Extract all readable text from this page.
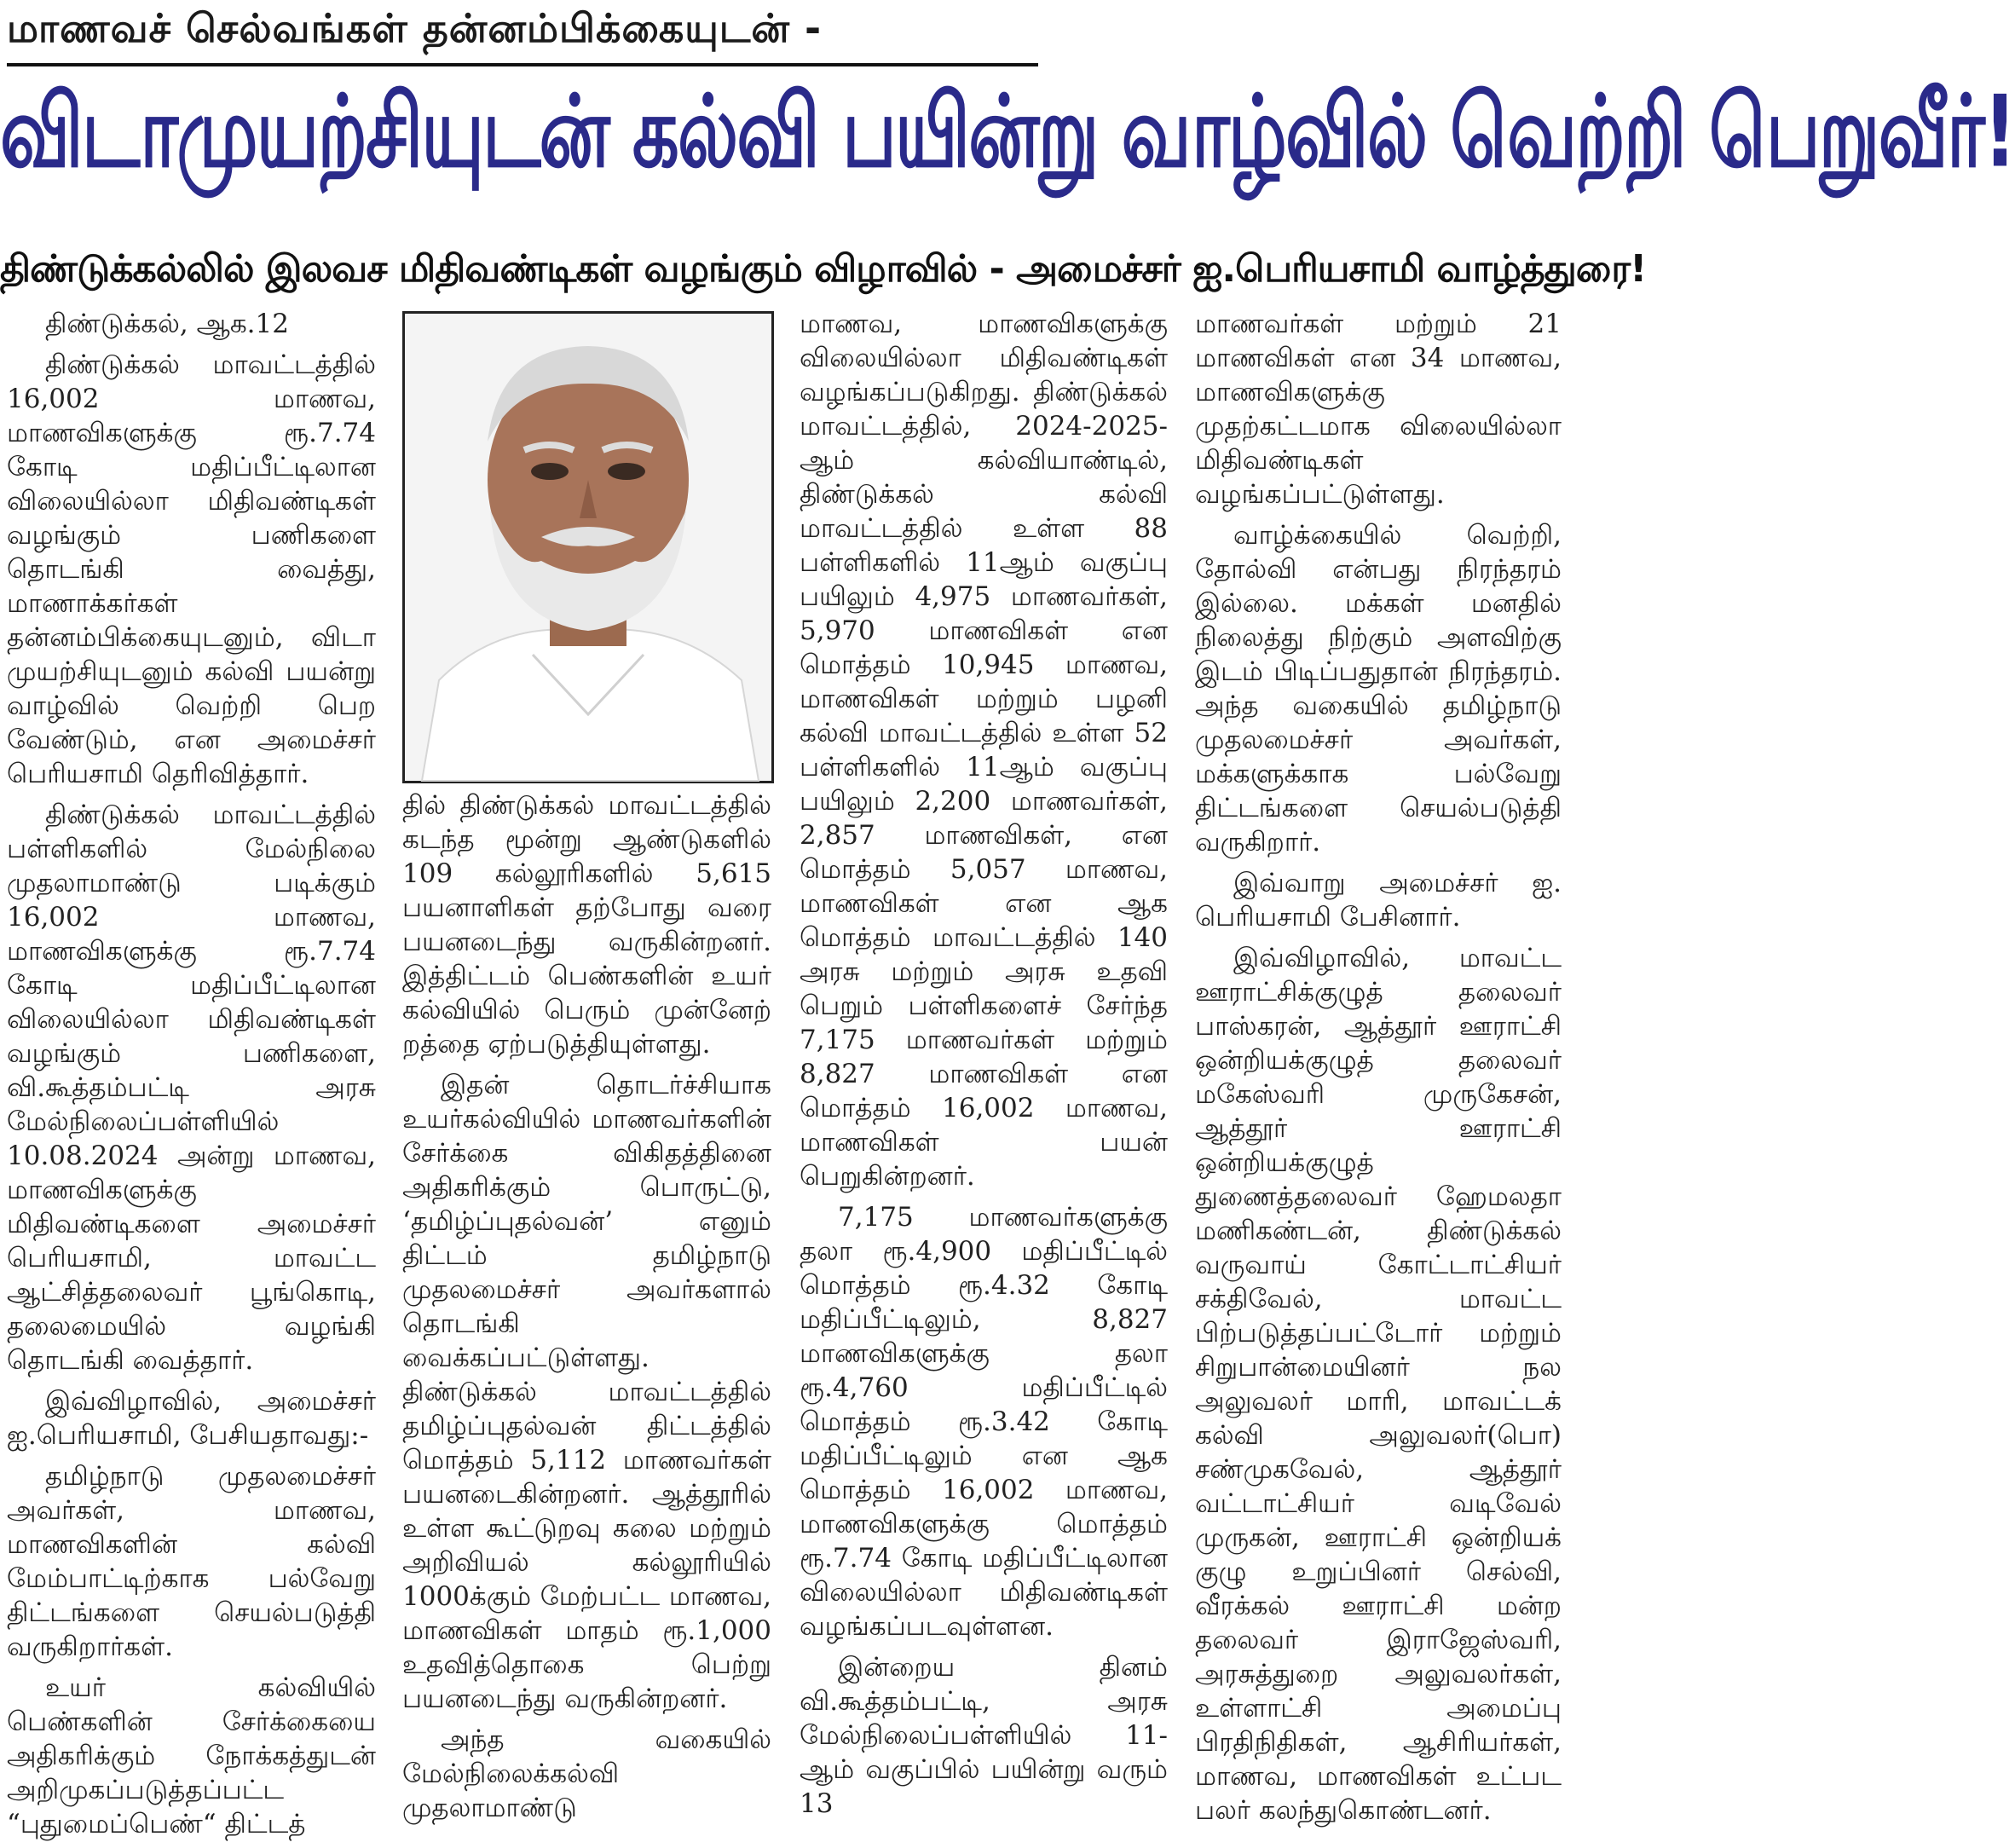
மாணவச் செல்வங்கள் தன்னம்பிக்கையுடன் -
விடாமுயற்சியுடன் கல்வி பயின்று வாழ்வில் வெற்றி பெறுவீர்!
திண்டுக்கல்லில் இலவச மிதிவண்டிகள் வழங்கும் விழாவில் - அமைச்சர் ஐ.பெரியசாமி வாழ்த்துரை!

திண்டுக்கல், ஆக.12

திண்டுக்கல் மாவட்டத்தில் 16,002 மாணவ, மாணவிகளுக்கு ரூ.7.74 கோடி மதிப்பீட்டிலான விலையில்லா மிதிவண்டிகள் வழங்கும் பணிகளை தொடங்கி வைத்து, மாணாக்கர்கள் தன்னம்பிக்கையுடனும், விடா முயற்சியுடனும் கல்வி பயன்று வாழ்வில் வெற்றி பெற வேண்டும், என அமைச்சர் பெரியசாமி தெரிவித்தார்.

திண்டுக்கல் மாவட்டத்தில் பள்ளிகளில் மேல்நிலை முதலாமாண்டு படிக்கும் 16,002 மாணவ, மாணவிகளுக்கு ரூ.7.74 கோடி மதிப்பீட்டிலான விலையில்லா மிதிவண்டிகள் வழங்கும் பணிகளை, வி.கூத்தம்பட்டி அரசு மேல்நிலைப்பள்ளியில் 10.08.2024 அன்று மாணவ, மாணவிகளுக்கு மிதிவண்டிகளை அமைச்சர் பெரியசாமி, மாவட்ட ஆட்சித்தலைவர் பூங்கொடி, தலைமையில் வழங்கி தொடங்கி வைத்தார்.

இவ்விழாவில், அமைச்சர் ஐ.பெரியசாமி, பேசியதாவது:-

தமிழ்நாடு முதலமைச்சர் அவர்கள், மாணவ, மாணவிகளின் கல்வி மேம்பாட்டிற்காக பல்வேறு திட்டங்களை செயல்படுத்தி வருகிறார்கள்.

உயர் கல்வியில் பெண்களின் சேர்க்கையை அதிகரிக்கும் நோக்கத்துடன் அறிமுகப்படுத்தப்பட்ட “புதுமைப்பெண்“ திட்டத்

தில் திண்டுக்கல் மாவட்டத்தில் கடந்த மூன்று ஆண்டுகளில் 109 கல்லூரிகளில் 5,615 பயனாளிகள் தற்போது வரை பயனடைந்து வருகின்றனர். இத்திட்டம் பெண்களின் உயர் கல்வியில் பெரும் முன்னேற் றத்தை ஏற்படுத்தியுள்ளது.

இதன் தொடர்ச்சியாக உயர்கல்வியில் மாணவர்களின் சேர்க்கை விகிதத்தினை அதிகரிக்கும் பொருட்டு, ‘தமிழ்ப்புதல்வன்’ எனும் திட்டம் தமிழ்நாடு முதலமைச்சர் அவர்களால் தொடங்கி வைக்கப்பட்டுள்ளது. திண்டுக்கல் மாவட்டத்தில் தமிழ்ப்புதல்வன் திட்டத்தில் மொத்தம் 5,112 மாணவர்கள் பயனடைகின்றனர். ஆத்தூரில் உள்ள கூட்டுறவு கலை மற்றும் அறிவியல் கல்லூரியில் 1000க்கும் மேற்பட்ட மாணவ, மாணவிகள் மாதம் ரூ.1,000 உதவித்தொகை பெற்று பயனடைந்து வருகின்றனர்.

அந்த வகையில் மேல்நிலைக்கல்வி முதலாமாண்டு

மாணவ, மாணவிகளுக்கு விலையில்லா மிதிவண்டிகள் வழங்கப்படுகிறது. திண்டுக்கல் மாவட்டத்தில், 2024-2025-ஆம் கல்வியாண்டில், திண்டுக்கல் கல்வி மாவட்டத்தில் உள்ள 88 பள்ளிகளில் 11ஆம் வகுப்பு பயிலும் 4,975 மாணவர்கள், 5,970 மாணவிகள் என மொத்தம் 10,945 மாணவ, மாணவிகள் மற்றும் பழனி கல்வி மாவட்டத்தில் உள்ள 52 பள்ளிகளில் 11ஆம் வகுப்பு பயிலும் 2,200 மாணவர்கள், 2,857 மாணவிகள், என மொத்தம் 5,057 மாணவ, மாணவிகள் என ஆக மொத்தம் மாவட்டத்தில் 140 அரசு மற்றும் அரசு உதவி பெறும் பள்ளிகளைச் சேர்ந்த 7,175 மாணவர்கள் மற்றும் 8,827 மாணவிகள் என மொத்தம் 16,002 மாணவ, மாணவிகள் பயன் பெறுகின்றனர்.

7,175 மாணவர்களுக்கு தலா ரூ.4,900 மதிப்பீட்டில் மொத்தம் ரூ.4.32 கோடி மதிப்பீட்டிலும், 8,827 மாணவிகளுக்கு தலா ரூ.4,760 மதிப்பீட்டில் மொத்தம் ரூ.3.42 கோடி மதிப்பீட்டிலும் என ஆக மொத்தம் 16,002 மாணவ, மாணவிகளுக்கு மொத்தம் ரூ.7.74 கோடி மதிப்பீட்டிலான விலையில்லா மிதிவண்டிகள் வழங்கப்படவுள்ளன.

இன்றைய தினம் வி.கூத்தம்பட்டி, அரசு மேல்நிலைப்பள்ளியில் 11-ஆம் வகுப்பில் பயின்று வரும் 13

மாணவர்கள் மற்றும் 21 மாணவிகள் என 34 மாணவ, மாணவிகளுக்கு முதற்கட்டமாக விலையில்லா மிதிவண்டிகள் வழங்கப்பட்டுள்ளது.

வாழ்க்கையில் வெற்றி, தோல்வி என்பது நிரந்தரம் இல்லை. மக்கள் மனதில் நிலைத்து நிற்கும் அளவிற்கு இடம் பிடிப்பதுதான் நிரந்தரம். அந்த வகையில் தமிழ்நாடு முதலமைச்சர் அவர்கள், மக்களுக்காக பல்வேறு திட்டங்களை செயல்படுத்தி வருகிறார்.

இவ்வாறு அமைச்சர் ஐ. பெரியசாமி பேசினார்.

இவ்விழாவில், மாவட்ட ஊராட்சிக்குழுத் தலைவர் பாஸ்கரன், ஆத்தூர் ஊராட்சி ஒன்றியக்குழுத் தலைவர் மகேஸ்வரி முருகேசன், ஆத்தூர் ஊராட்சி ஒன்றியக்குழுத் துணைத்தலைவர் ஹேமலதா மணிகண்டன், திண்டுக்கல் வருவாய் கோட்டாட்சியர் சக்திவேல், மாவட்ட பிற்படுத்தப்பட்டோர் மற்றும் சிறுபான்மையினர் நல அலுவலர் மாரி, மாவட்டக் கல்வி அலுவலர்(பொ) சண்முகவேல், ஆத்தூர் வட்டாட்சியர் வடிவேல் முருகன், ஊராட்சி ஒன்றியக் குழு உறுப்பினர் செல்வி, வீரக்கல் ஊராட்சி மன்ற தலைவர் இராஜேஸ்வரி, அரசுத்துறை அலுவலர்கள், உள்ளாட்சி அமைப்பு பிரதிநிதிகள், ஆசிரியர்கள், மாணவ, மாணவிகள் உட்பட பலர் கலந்துகொண்டனர்.
